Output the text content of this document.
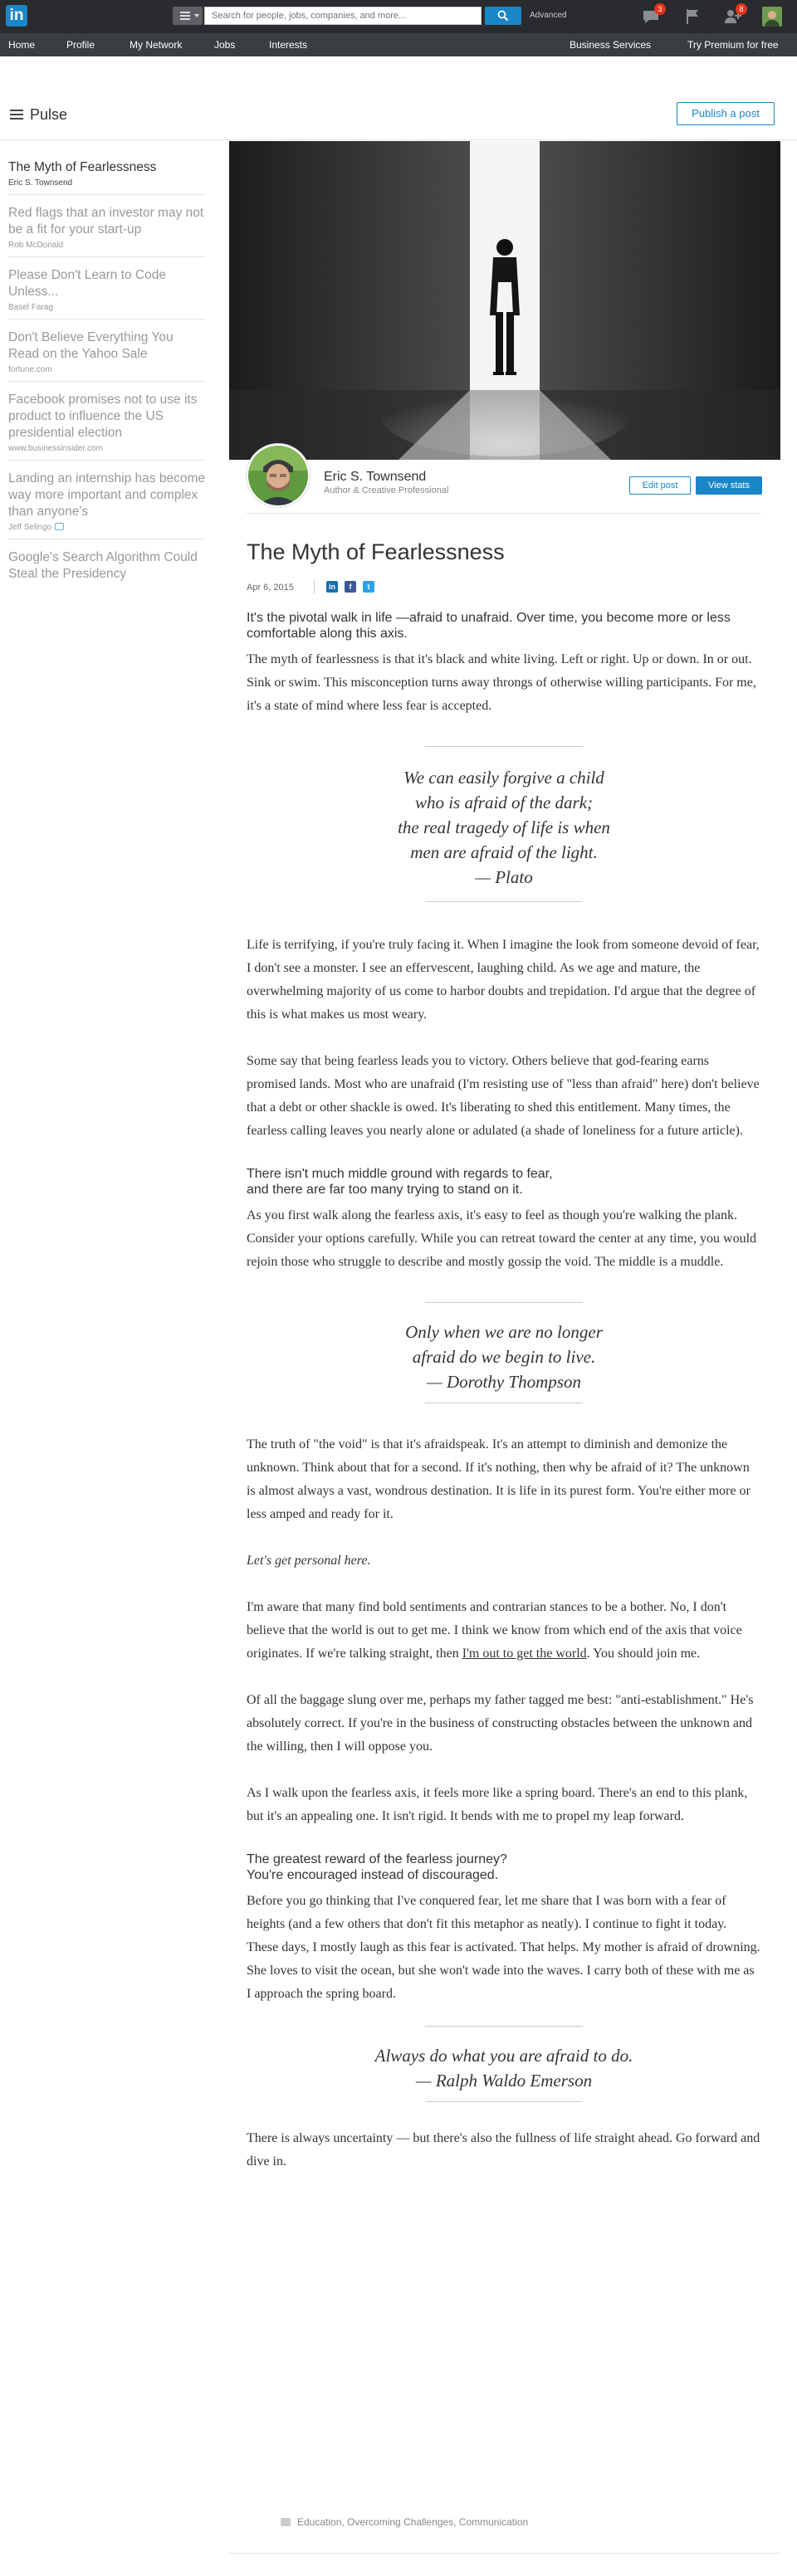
in
Search for people, jobs, companies, and more...	Advanced
3	8
Home	Profile	My Network	Jobs	Interests	Business Services	Try Premium for free
Pulse	Publish a post
The Myth of Fearlessness
Eric S. Townsend
Red flags that an investor may not be a fit for your start-up
Rob McDonald
Please Don't Learn to Code Unless...
Basel Farag
Don't Believe Everything You Read on the Yahoo Sale
fortune.com
Facebook promises not to use its product to influence the US presidential election
www.businessinsider.com
Landing an internship has become way more important and complex than anyone's
Jeff Selingo
Google's Search Algorithm Could Steal the Presidency
Eric S. Townsend
Author & Creative Professional	Edit post	View stats
The Myth of Fearlessness
Apr 6, 2015	in	f	t

It's the pivotal walk in life —afraid to unafraid. Over time, you become more or less comfortable along this axis.

The myth of fearlessness is that it's black and white living. Left or right. Up or down. In or out. Sink or swim. This misconception turns away throngs of otherwise willing participants. For me, it's a state of mind where less fear is accepted.

We can easily forgive a child
who is afraid of the dark;
the real tragedy of life is when
men are afraid of the light.
— Plato

Life is terrifying, if you're truly facing it. When I imagine the look from someone devoid of fear, I don't see a monster. I see an effervescent, laughing child. As we age and mature, the overwhelming majority of us come to harbor doubts and trepidation. I'd argue that the degree of this is what makes us most weary.

Some say that being fearless leads you to victory. Others believe that god-fearing earns promised lands. Most who are unafraid (I'm resisting use of "less than afraid" here) don't believe that a debt or other shackle is owed. It's liberating to shed this entitlement. Many times, the fearless calling leaves you nearly alone or adulated (a shade of loneliness for a future article).

There isn't much middle ground with regards to fear,
and there are far too many trying to stand on it.

As you first walk along the fearless axis, it's easy to feel as though you're walking the plank. Consider your options carefully. While you can retreat toward the center at any time, you would rejoin those who struggle to describe and mostly gossip the void. The middle is a muddle.

Only when we are no longer
afraid do we begin to live.
— Dorothy Thompson

The truth of "the void" is that it's afraidspeak. It's an attempt to diminish and demonize the unknown. Think about that for a second. If it's nothing, then why be afraid of it? The unknown is almost always a vast, wondrous destination. It is life in its purest form. You're either more or less amped and ready for it.

Let's get personal here.

I'm aware that many find bold sentiments and contrarian stances to be a bother. No, I don't believe that the world is out to get me. I think we know from which end of the axis that voice originates. If we're talking straight, then I'm out to get the world. You should join me.

Of all the baggage slung over me, perhaps my father tagged me best: "anti-establishment." He's absolutely correct. If you're in the business of constructing obstacles between the unknown and the willing, then I will oppose you.

As I walk upon the fearless axis, it feels more like a spring board. There's an end to this plank, but it's an appealing one. It isn't rigid. It bends with me to propel my leap forward.

The greatest reward of the fearless journey?
You're encouraged instead of discouraged.

Before you go thinking that I've conquered fear, let me share that I was born with a fear of heights (and a few others that don't fit this metaphor as neatly). I continue to fight it today. These days, I mostly laugh as this fear is activated. That helps. My mother is afraid of drowning. She loves to visit the ocean, but she won't wade into the waves. I carry both of these with me as I approach the spring board.

Always do what you are afraid to do.
— Ralph Waldo Emerson

There is always uncertainty — but there's also the fullness of life straight ahead. Go forward and dive in.

Education, Overcoming Challenges, Communication
